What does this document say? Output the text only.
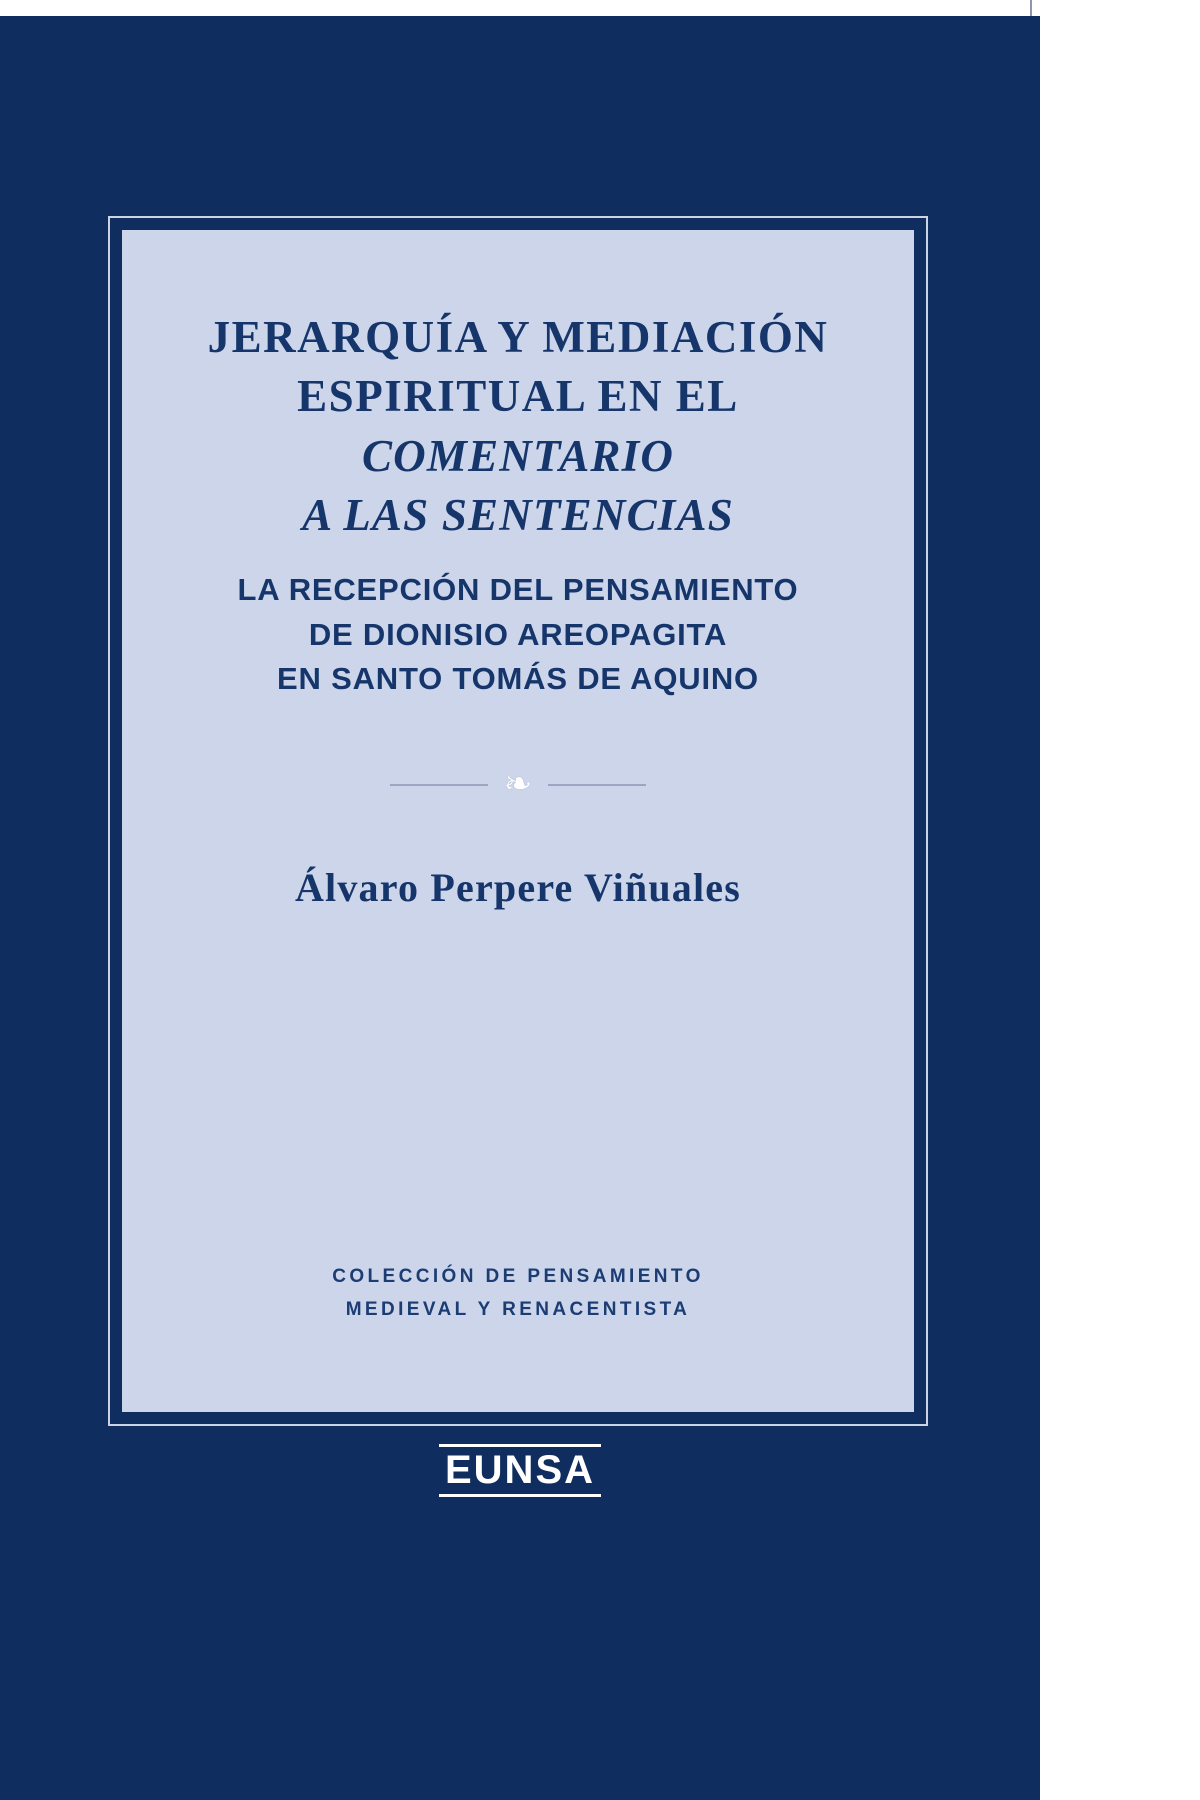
JERARQUÍA Y MEDIACIÓN
ESPIRITUAL EN EL
COMENTARIO
A LAS SENTENCIAS
LA RECEPCIÓN DEL PENSAMIENTO
DE DIONISIO AREOPAGITA
EN SANTO TOMÁS DE AQUINO
❧
Álvaro Perpere Viñuales
COLECCIÓN DE PENSAMIENTO
MEDIEVAL Y RENACENTISTA
EUNSA
